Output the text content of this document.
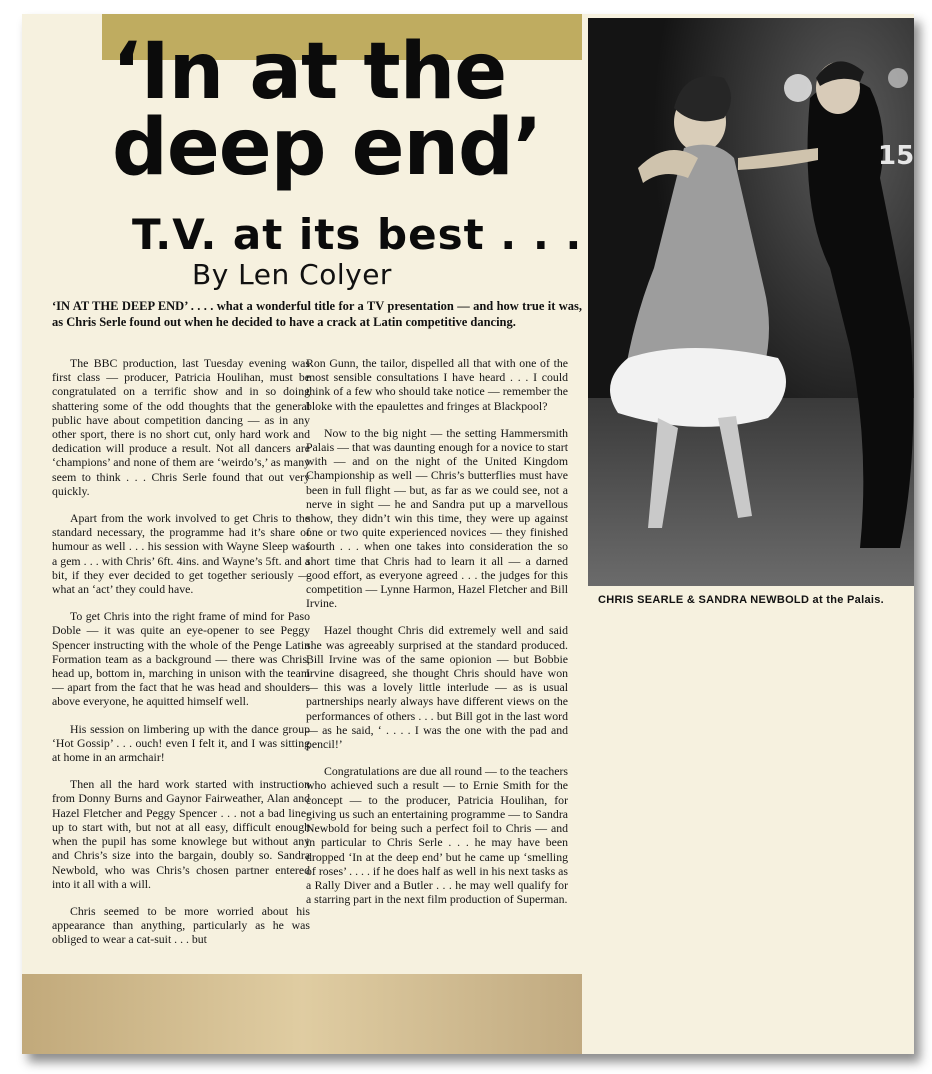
‘In at the
deep end’
T.V. at its best . . .
By Len Colyer
‘IN AT THE DEEP END’ . . . . what a wonderful title for a TV presentation — and how true it was, as Chris Serle found out when he decided to have a crack at Latin competitive dancing.

The BBC production, last Tuesday evening was first class — producer, Patricia Houlihan, must be congratulated on a terrific show and in so doing shattering some of the odd thoughts that the general public have about competition dancing — as in any other sport, there is no short cut, only hard work and dedication will produce a result. Not all dancers are ‘champions’ and none of them are ‘weirdo’s,’ as many seem to think . . . Chris Serle found that out very quickly.

Apart from the work involved to get Chris to the standard necessary, the programme had it’s share of humour as well . . . his session with Wayne Sleep was a gem . . . with Chris’ 6ft. 4ins. and Wayne’s 5ft. and a bit, if they ever decided to get together seriously — what an ‘act’ they could have.

To get Chris into the right frame of mind for Paso Doble — it was quite an eye-opener to see Peggy Spencer instructing with the whole of the Penge Latin Formation team as a background — there was Chris, head up, bottom in, marching in unison with the team — apart from the fact that he was head and shoulders above everyone, he aquitted himself well.

His session on limbering up with the dance group ‘Hot Gossip’ . . . ouch! even I felt it, and I was sitting at home in an armchair!

Then all the hard work started with instruction from Donny Burns and Gaynor Fairweather, Alan and Hazel Fletcher and Peggy Spencer . . . not a bad line-up to start with, but not at all easy, difficult enough when the pupil has some knowlege but without any and Chris’s size into the bargain, doubly so. Sandra Newbold, who was Chris’s chosen partner entered into it all with a will.

Chris seemed to be more worried about his appearance than anything, particularly as he was obliged to wear a cat-suit . . . but

Ron Gunn, the tailor, dispelled all that with one of the most sensible consultations I have heard . . . I could think of a few who should take notice — remember the bloke with the epaulettes and fringes at Blackpool?

Now to the big night — the setting Hammersmith Palais — that was daunting enough for a novice to start with — and on the night of the United Kingdom Championship as well — Chris’s butterflies must have been in full flight — but, as far as we could see, not a nerve in sight — he and Sandra put up a marvellous show, they didn’t win this time, they were up against one or two quite experienced novices — they finished fourth . . . when one takes into consideration the so short time that Chris had to learn it all — a darned good effort, as everyone agreed . . . the judges for this competition — Lynne Harmon, Hazel Fletcher and Bill Irvine.

Hazel thought Chris did extremely well and said she was agreeably surprised at the standard produced. Bill Irvine was of the same opionion — but Bobbie Irvine disagreed, she thought Chris should have won — this was a lovely little interlude — as is usual partnerships nearly always have different views on the performances of others . . . but Bill got in the last word — as he said, ‘ . . . . I was the one with the pad and pencil!’

Congratulations are due all round — to the teachers who achieved such a result — to Ernie Smith for the concept — to the producer, Patricia Houlihan, for giving us such an entertaining programme — to Sandra Newbold for being such a perfect foil to Chris — and in particular to Chris Serle . . . he may have been dropped ‘In at the deep end’ but he came up ‘smelling of roses’ . . . . if he does half as well in his next tasks as a Rally Diver and a Butler . . . he may well qualify for a starring part in the next film production of Superman.

15
CHRIS SEARLE & SANDRA NEWBOLD at the Palais.
